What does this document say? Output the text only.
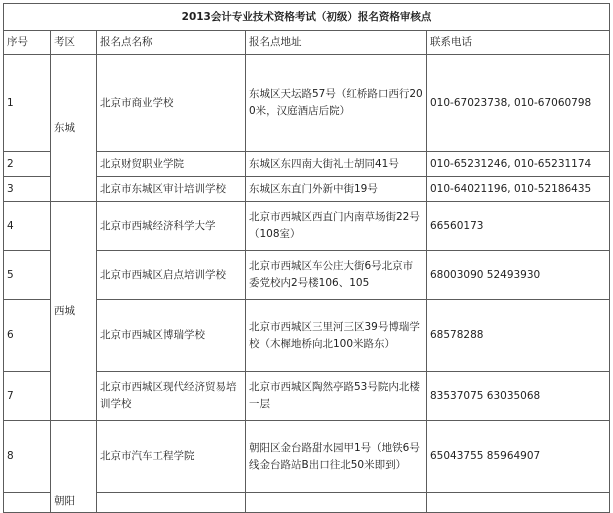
2013会计专业技术资格考试（初级）报名资格审核点				
序号	考区	报名点名称	报名点地址	联系电话
1	东城	北京市商业学校	东城区天坛路57号（红桥路口西行200米，汉庭酒店后院）	010-67023738, 010-67060798
2		北京财贸职业学院	东城区东四南大街礼士胡同41号	010-65231246, 010-65231174
3		北京市东城区审计培训学校	东城区东直门外新中街19号	010-64021196, 010-52186435
4	西城	北京市西城经济科学大学	北京市西城区西直门内南草场街22号（108室）	66560173
5		北京市西城区启点培训学校	北京市西城区车公庄大街6号北京市委党校内2号楼106、105	68003090 52493930
6		北京市西城区博瑞学校	北京市西城区三里河三区39号博瑞学校（木樨地桥向北100米路东）	68578288
7		北京市西城区现代经济贸易培训学校	北京市西城区陶然亭路53号院内北楼一层	83537075 63035068
8	朝阳	北京市汽车工程学院	朝阳区金台路甜水园甲1号（地铁6号线金台路站B出口往北50米即到）	65043755 85964907
